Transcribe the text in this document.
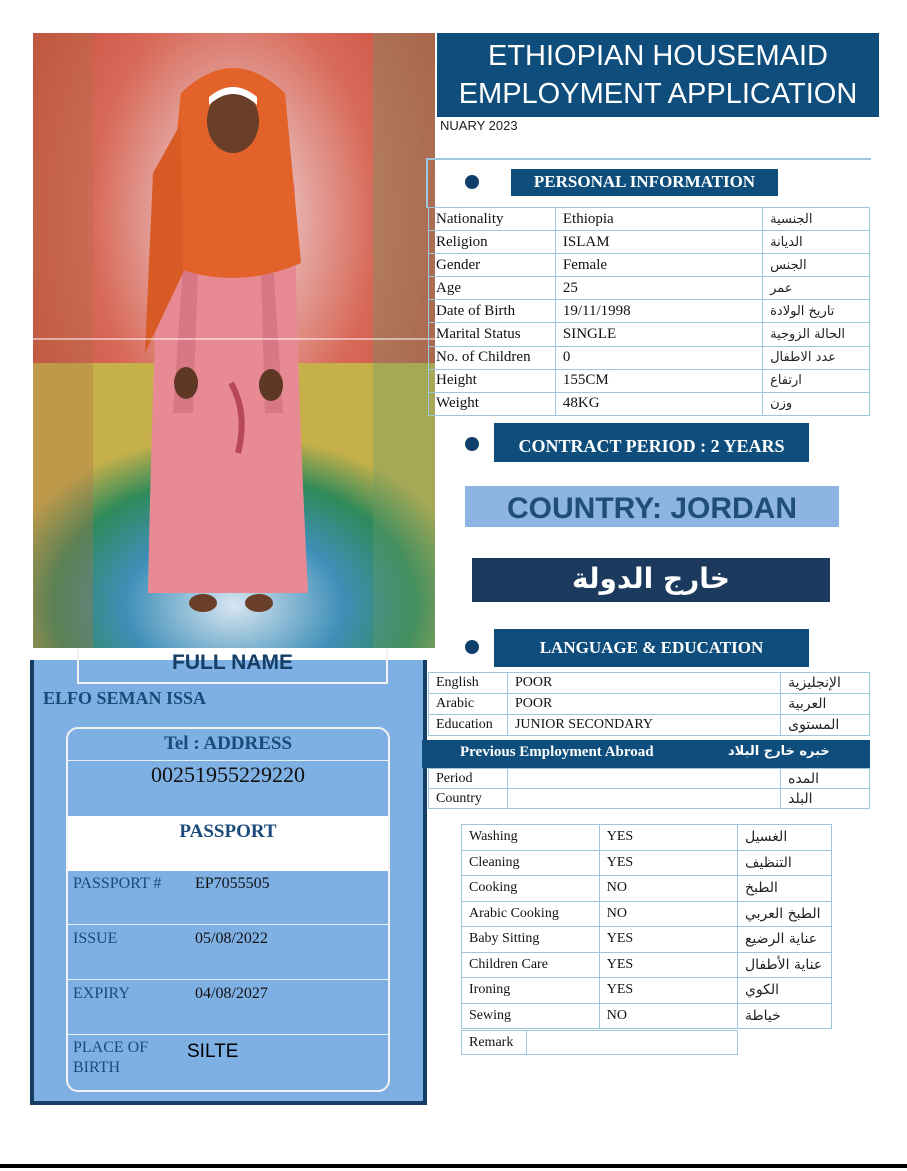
ETHIOPIAN HOUSEMAID
EMPLOYMENT APPLICATION
NUARY 2023
FULL NAME
ELFO SEMAN ISSA
Tel : ADDRESS
00251955229220
PASSPORT
PASSPORT # EP7055505
ISSUE	05/08/2022
EXPIRY	04/08/2027
PLACE OF BIRTH
SILTE
PERSONAL INFORMATION
Nationality	Ethiopia	الجنسية
Religion	ISLAM	الديانة
Gender	Female	الجنس
Age	25	عمر
Date of Birth	19/11/1998	تاريخ الولادة
Marital Status	SINGLE	الحالة الزوجية
No. of Children	0	عدد الاطفال
Height	155CM	ارتفاع
Weight	48KG	وزن
CONTRACT PERIOD : 2 YEARS
COUNTRY: JORDAN
خارج الدولة
LANGUAGE & EDUCATION
English	POOR	الإنجليزية
Arabic	POOR	العربية
Education	JUNIOR SECONDARY	المستوى
Previous Employment Abroad	خبره خارج البلاد
Period		المده
Country		البلد
Washing	YES	الغسيل
Cleaning	YES	التنظيف
Cooking	NO	الطبخ
Arabic Cooking	NO	الطبخ العربي
Baby Sitting	YES	عناية الرضيع
Children Care	YES	عناية الأطفال
Ironing	YES	الكوي
Sewing	NO	خياطة
Remark	
